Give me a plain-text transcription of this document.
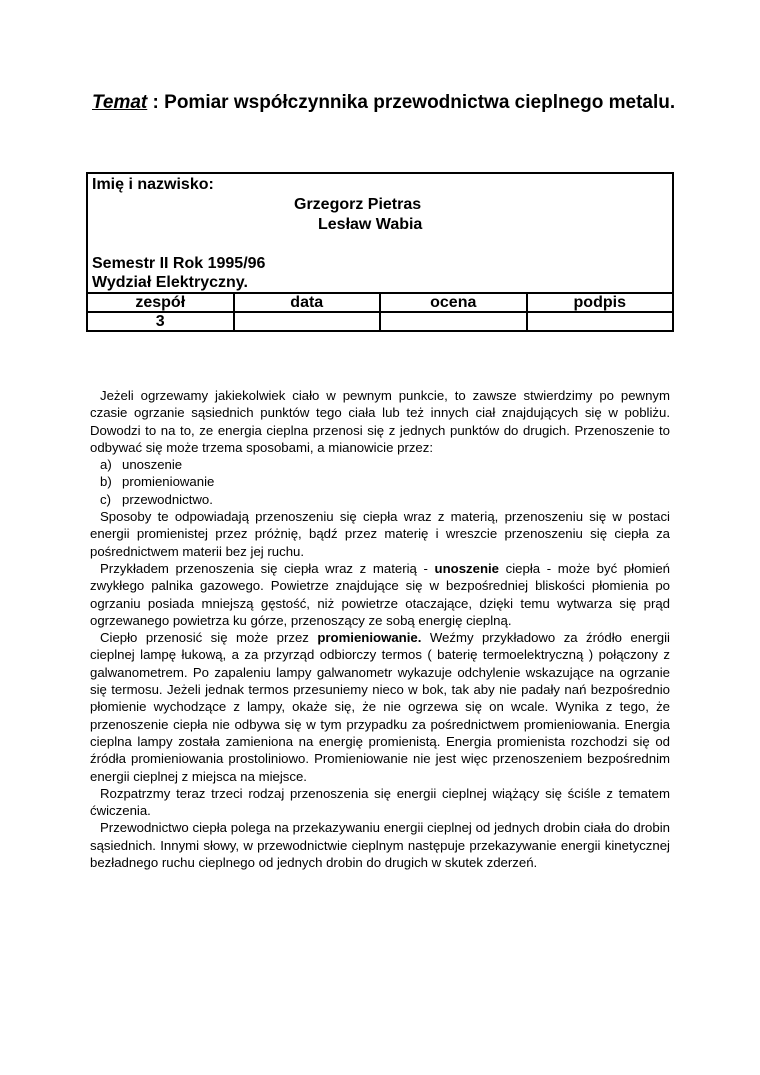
Temat : Pomiar współczynnika przewodnictwa cieplnego metalu.
Imię i nazwisko:
Grzegorz Pietras
Lesław Wabia
Semestr II Rok 1995/96
Wydział Elektryczny.
zespół	data	ocena	podpis
3			

Jeżeli ogrzewamy jakiekolwiek ciało w pewnym punkcie, to zawsze stwierdzimy po pewnym czasie ogrzanie sąsiednich punktów tego ciała lub też innych ciał znajdujących się w pobliżu. Dowodzi to na to, ze energia cieplna przenosi się z jednych punktów do drugich. Przenoszenie to odbywać się może trzema sposobami, a mianowicie przez:

a) unoszenie
b) promieniowanie
c) przewodnictwo.

Sposoby te odpowiadają przenoszeniu się ciepła wraz z materią, przenoszeniu się w postaci energii promienistej przez próżnię, bądź przez materię i wreszcie przenoszeniu się ciepła za pośrednictwem materii bez jej ruchu.

Przykładem przenoszenia się ciepła wraz z materią - unoszenie ciepła - może być płomień zwykłego palnika gazowego. Powietrze znajdujące się w bezpośredniej bliskości płomienia po ogrzaniu posiada mniejszą gęstość, niż powietrze otaczające, dzięki temu wytwarza się prąd ogrzewanego powietrza ku górze, przenoszący ze sobą energię cieplną.

Ciepło przenosić się może przez promieniowanie. Weźmy przykładowo za źródło energii cieplnej lampę łukową, a za przyrząd odbiorczy termos ( baterię termoelektryczną ) połączony z galwanometrem. Po zapaleniu lampy galwanometr wykazuje odchylenie wskazujące na ogrzanie się termosu. Jeżeli jednak termos przesuniemy nieco w bok, tak aby nie padały nań bezpośrednio płomienie wychodzące z lampy, okaże się, że nie ogrzewa się on wcale. Wynika z tego, że przenoszenie ciepła nie odbywa się w tym przypadku za pośrednictwem promieniowania. Energia cieplna lampy została zamieniona na energię promienistą. Energia promienista rozchodzi się od źródła promieniowania prostoliniowo. Promieniowanie nie jest więc przenoszeniem bezpośrednim energii cieplnej z miejsca na miejsce.

Rozpatrzmy teraz trzeci rodzaj przenoszenia się energii cieplnej wiążący się ściśle z tematem ćwiczenia.

Przewodnictwo ciepła polega na przekazywaniu energii cieplnej od jednych drobin ciała do drobin sąsiednich. Innymi słowy, w przewodnictwie cieplnym następuje przekazywanie energii kinetycznej bezładnego ruchu cieplnego od jednych drobin do drugich w skutek zderzeń.
